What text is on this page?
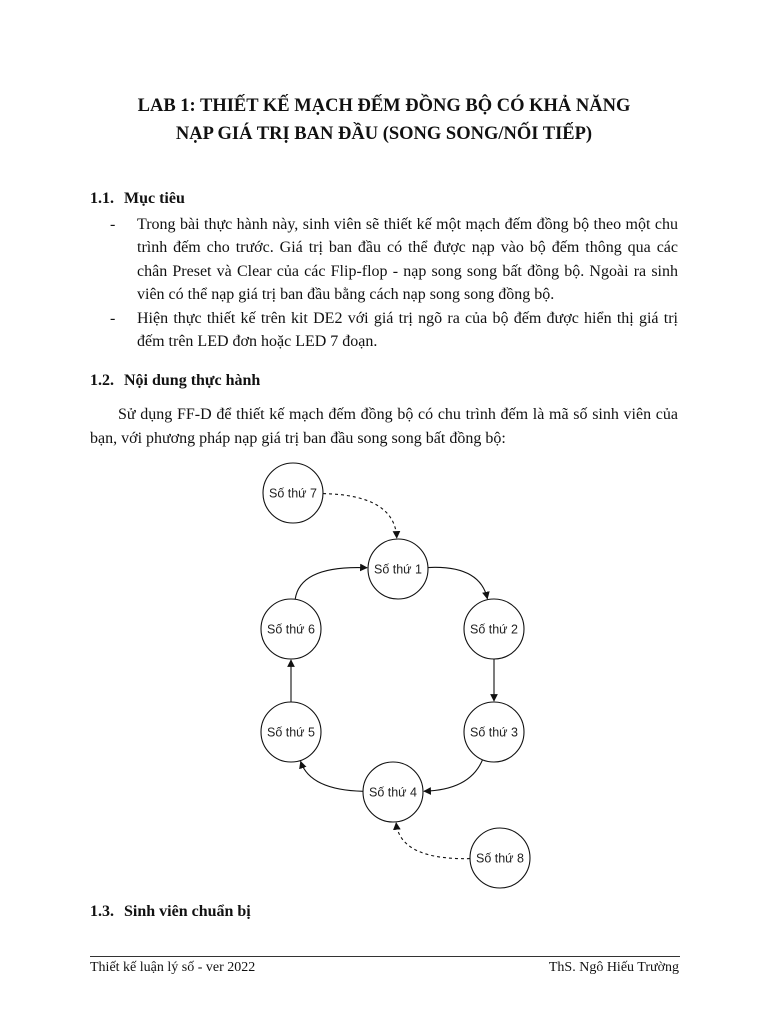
LAB 1: THIẾT KẾ MẠCH ĐẾM ĐỒNG BỘ CÓ KHẢ NĂNG
NẠP GIÁ TRỊ BAN ĐẦU (SONG SONG/NỐI TIẾP)
1.1. Mục tiêu
- Trong bài thực hành này, sinh viên sẽ thiết kế một mạch đếm đồng bộ theo một chu trình đếm cho trước. Giá trị ban đầu có thể được nạp vào bộ đếm thông qua các chân Preset và Clear của các Flip-flop - nạp song song bất đồng bộ. Ngoài ra sinh viên có thể nạp giá trị ban đầu bằng cách nạp song song đồng bộ.
- Hiện thực thiết kế trên kit DE2 với giá trị ngõ ra của bộ đếm được hiển thị giá trị đếm trên LED đơn hoặc LED 7 đoạn.
1.2. Nội dung thực hành

Sử dụng FF-D để thiết kế mạch đếm đồng bộ có chu trình đếm là mã số sinh viên của bạn, với phương pháp nạp giá trị ban đầu song song bất đồng bộ:

Số thứ 7
Số thứ 1
Số thứ 6	Số thứ 2
Số thứ 5	Số thứ 3
Số thứ 4
Số thứ 8
1.3. Sinh viên chuẩn bị
Thiết kế luận lý số - ver 2022	ThS. Ngô Hiếu Trường
